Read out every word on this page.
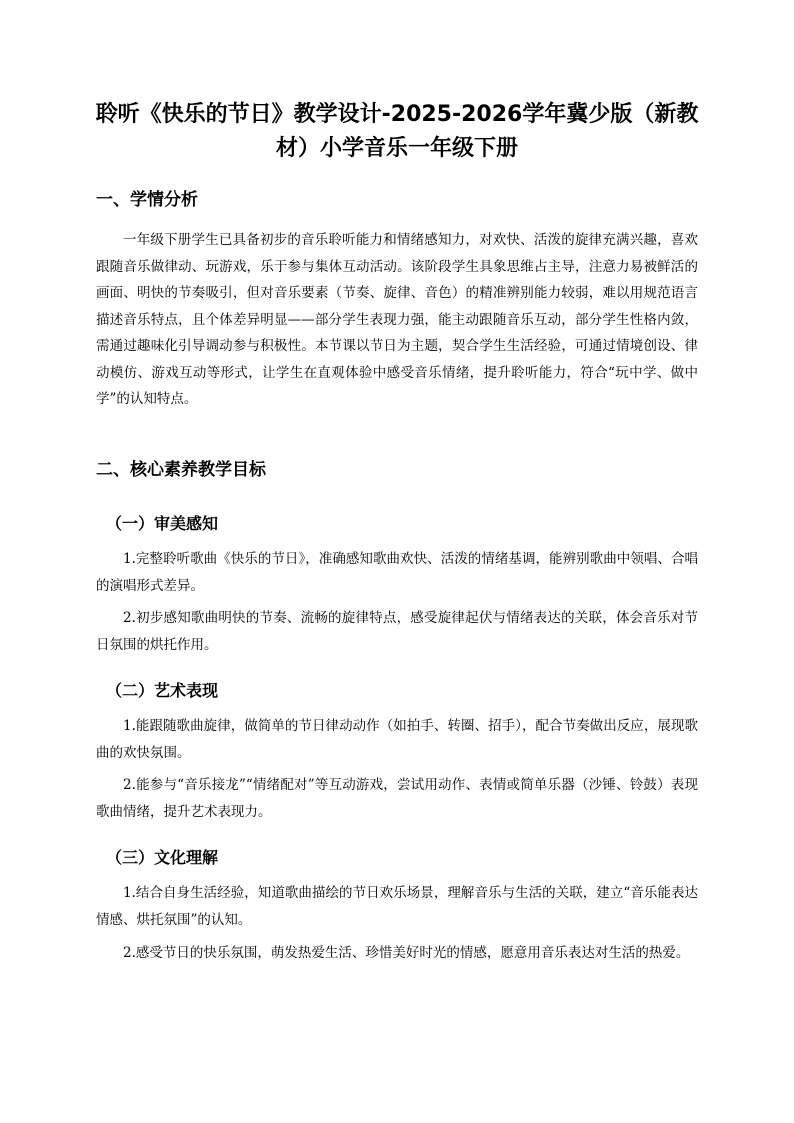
聆听《快乐的节日》教学设计-2025-2026学年冀少版（新教材）小学音乐一年级下册
一、学情分析

一年级下册学生已具备初步的音乐聆听能力和情绪感知力，对欢快、活泼的旋律充满兴趣，喜欢跟随音乐做律动、玩游戏，乐于参与集体互动活动。该阶段学生具象思维占主导，注意力易被鲜活的画面、明快的节奏吸引，但对音乐要素（节奏、旋律、音色）的精准辨别能力较弱，难以用规范语言描述音乐特点，且个体差异明显——部分学生表现力强，能主动跟随音乐互动，部分学生性格内敛，需通过趣味化引导调动参与积极性。本节课以节日为主题，契合学生生活经验，可通过情境创设、律动模仿、游戏互动等形式，让学生在直观体验中感受音乐情绪，提升聆听能力，符合“玩中学、做中学”的认知特点。

二、核心素养教学目标
（一）审美感知

1.完整聆听歌曲《快乐的节日》，准确感知歌曲欢快、活泼的情绪基调，能辨别歌曲中领唱、合唱的演唱形式差异。

2.初步感知歌曲明快的节奏、流畅的旋律特点，感受旋律起伏与情绪表达的关联，体会音乐对节日氛围的烘托作用。

（二）艺术表现

1.能跟随歌曲旋律，做简单的节日律动动作（如拍手、转圈、招手），配合节奏做出反应，展现歌曲的欢快氛围。

2.能参与“音乐接龙”“情绪配对”等互动游戏，尝试用动作、表情或简单乐器（沙锤、铃鼓）表现歌曲情绪，提升艺术表现力。

（三）文化理解

1.结合自身生活经验，知道歌曲描绘的节日欢乐场景，理解音乐与生活的关联，建立“音乐能表达情感、烘托氛围”的认知。

2.感受节日的快乐氛围，萌发热爱生活、珍惜美好时光的情感，愿意用音乐表达对生活的热爱。
